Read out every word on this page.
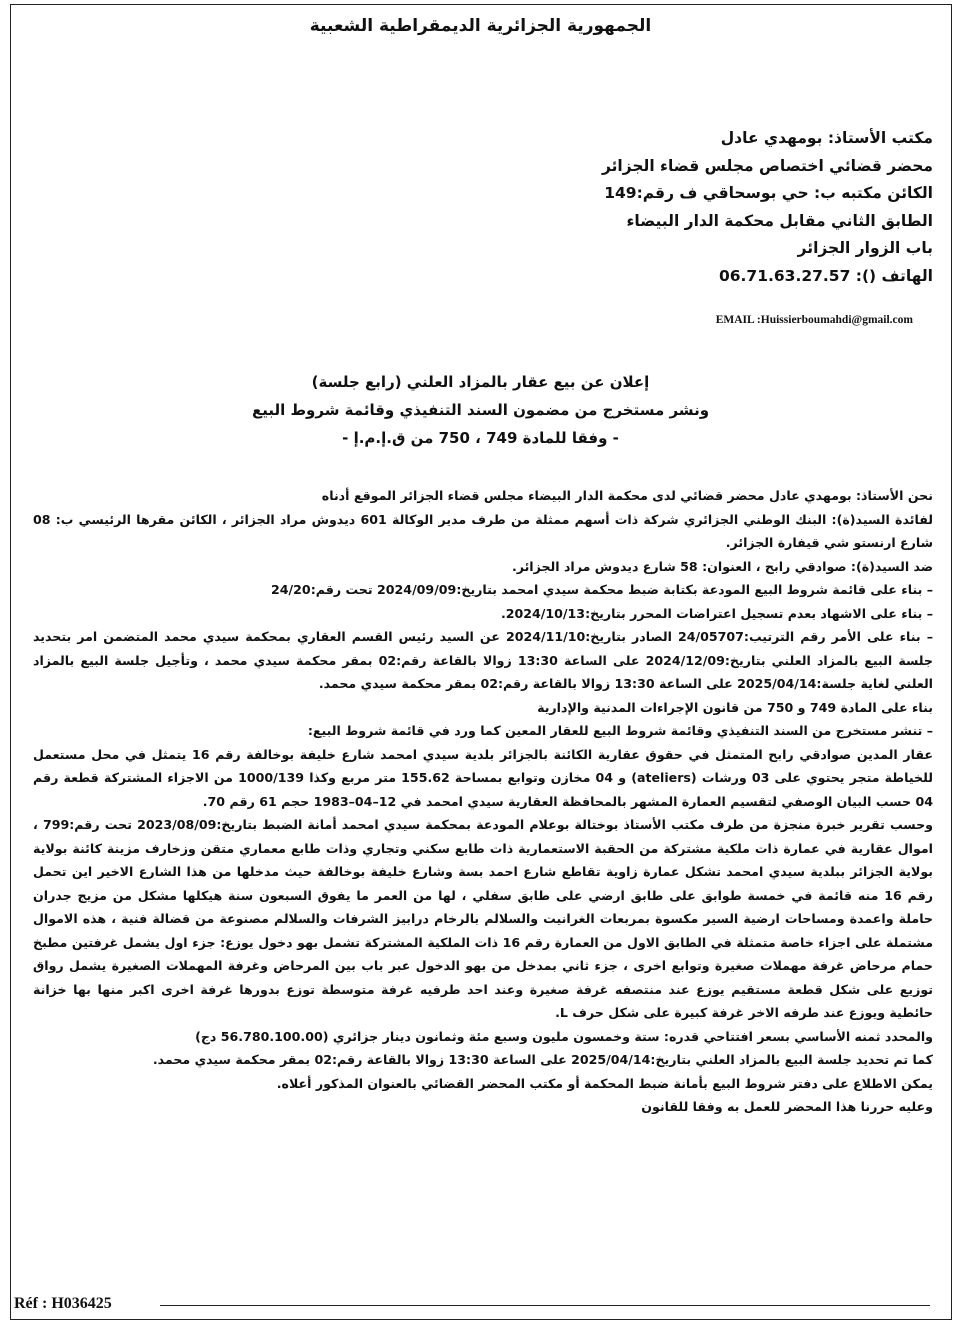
الجمهورية الجزائرية الديمقراطية الشعبية
مكتب الأستاذ: بومهدي عادل
محضر قضائي اختصاص مجلس قضاء الجزائر
الكائن مكتبه ب: حي بوسحاقي ف رقم:149
الطابق الثاني مقابل محكمة الدار البيضاء
باب الزوار الجزائر
الهاتف (): 06.71.63.27.57
EMAIL :Huissierboumahdi@gmail.com
إعلان عن بيع عقار بالمزاد العلني (رابع جلسة)
ونشر مستخرج من مضمون السند التنفيذي وقائمة شروط البيع
- وفقا للمادة 749 ، 750 من ق.إ.م.إ -

نحن الأستاذ: بومهدي عادل محضر قضائي لدى محكمة الدار البيضاء مجلس قضاء الجزائر الموقع أدناه

لفائدة السيد(ة): البنك الوطني الجزائري شركة ذات أسهم ممثلة من طرف مدير الوكالة 601 ديدوش مراد الجزائر ، الكائن مقرها الرئيسي ب: 08 شارع ارنستو شي قيفارة الجزائر.

ضد السيد(ة): صوادقي رابح ، العنوان: 58 شارع ديدوش مراد الجزائر.

– بناء على قائمة شروط البيع المودعة بكتابة ضبط محكمة سيدي امحمد بتاريخ:2024/09/09 تحت رقم:24/20

– بناء على الاشهاد بعدم تسجيل اعتراضات المحرر بتاريخ:2024/10/13.

– بناء على الأمر رقم الترتيب:24/05707 الصادر بتاريخ:2024/11/10 عن السيد رئيس القسم العقاري بمحكمة سيدي محمد المتضمن امر بتحديد جلسة البيع بالمزاد العلني بتاريخ:2024/12/09 على الساعة 13:30 زوالا بالقاعة رقم:02 بمقر محكمة سيدي محمد ، وتأجيل جلسة البيع بالمزاد العلني لغاية جلسة:2025/04/14 على الساعة 13:30 زوالا بالقاعة رقم:02 بمقر محكمة سيدي محمد.

بناء على المادة 749 و 750 من قانون الإجراءات المدنية والإدارية

– تنشر مستخرج من السند التنفيذي وقائمة شروط البيع للعقار المعين كما ورد في قائمة شروط البيع:

عقار المدين صوادقي رابح المتمثل في حقوق عقارية الكائنة بالجزائر بلدية سيدي امحمد شارع خليفة بوخالفة رقم 16 يتمثل في محل مستعمل للخياطة متجر يحتوي على 03 ورشات (ateliers) و 04 مخازن وتوابع بمساحة 155.62 متر مربع وكذا 1000/139 من الاجزاء المشتركة قطعة رقم 04 حسب البيان الوصفي لتقسيم العمارة المشهر بالمحافظة العقارية سيدي امحمد في 12–04–1983 حجم 61 رقم 70.

وحسب تقرير خبرة منجزة من طرف مكتب الأستاذ بوختالة بوعلام المودعة بمحكمة سيدي امحمد أمانة الضبط بتاريخ:2023/08/09 تحت رقم:799 ، اموال عقارية في عمارة ذات ملكية مشتركة من الحقبة الاستعمارية ذات طابع سكني وتجاري وذات طابع معماري متقن وزخارف مزينة كائنة بولاية بولاية الجزائر ببلدية سيدي امحمد تشكل عمارة زاوية تقاطع شارع احمد بسة وشارع خليفة بوخالفة حيث مدخلها من هذا الشارع الاخير اين تحمل رقم 16 منه قائمة في خمسة طوابق على طابق ارضي على طابق سفلي ، لها من العمر ما يفوق السبعون سنة هيكلها مشكل من مزيج جدران حاملة واعمدة ومساحات ارضية السير مكسوة بمربعات الغرانيت والسلالم بالرخام درابيز الشرفات والسلالم مصنوعة من قضالة فنية ، هذه الاموال مشتملة على اجزاء خاصة متمثلة في الطابق الاول من العمارة رقم 16 ذات الملكية المشتركة تشمل بهو دخول يوزع: جزء اول يشمل غرفتين مطبخ حمام مرحاض غرفة مهملات صغيرة وتوابع اخرى ، جزء ثاني بمدخل من بهو الدخول عبر باب بين المرحاض وغرفة المهملات الصغيرة يشمل رواق توزيع على شكل قطعة مستقيم يوزع عند منتصفه غرفة صغيرة وعند احد طرفيه غرفة متوسطة توزع بدورها غرفة اخرى اكبر منها بها خزانة حائطية ويوزع عند طرفه الاخر غرفة كبيرة على شكل حرف L.

والمحدد ثمنه الأساسي بسعر افتتاحي قدره: ستة وخمسون مليون وسبع مئة وثمانون دينار جزائري (56.780.100.00 دج)

كما تم تحديد جلسة البيع بالمزاد العلني بتاريخ:2025/04/14 على الساعة 13:30 زوالا بالقاعة رقم:02 بمقر محكمة سيدي محمد.

يمكن الاطلاع على دفتر شروط البيع بأمانة ضبط المحكمة أو مكتب المحضر القضائي بالعنوان المذكور أعلاه.

وعليه حررنا هذا المحضر للعمل به وفقا للقانون

Réf : H036425
